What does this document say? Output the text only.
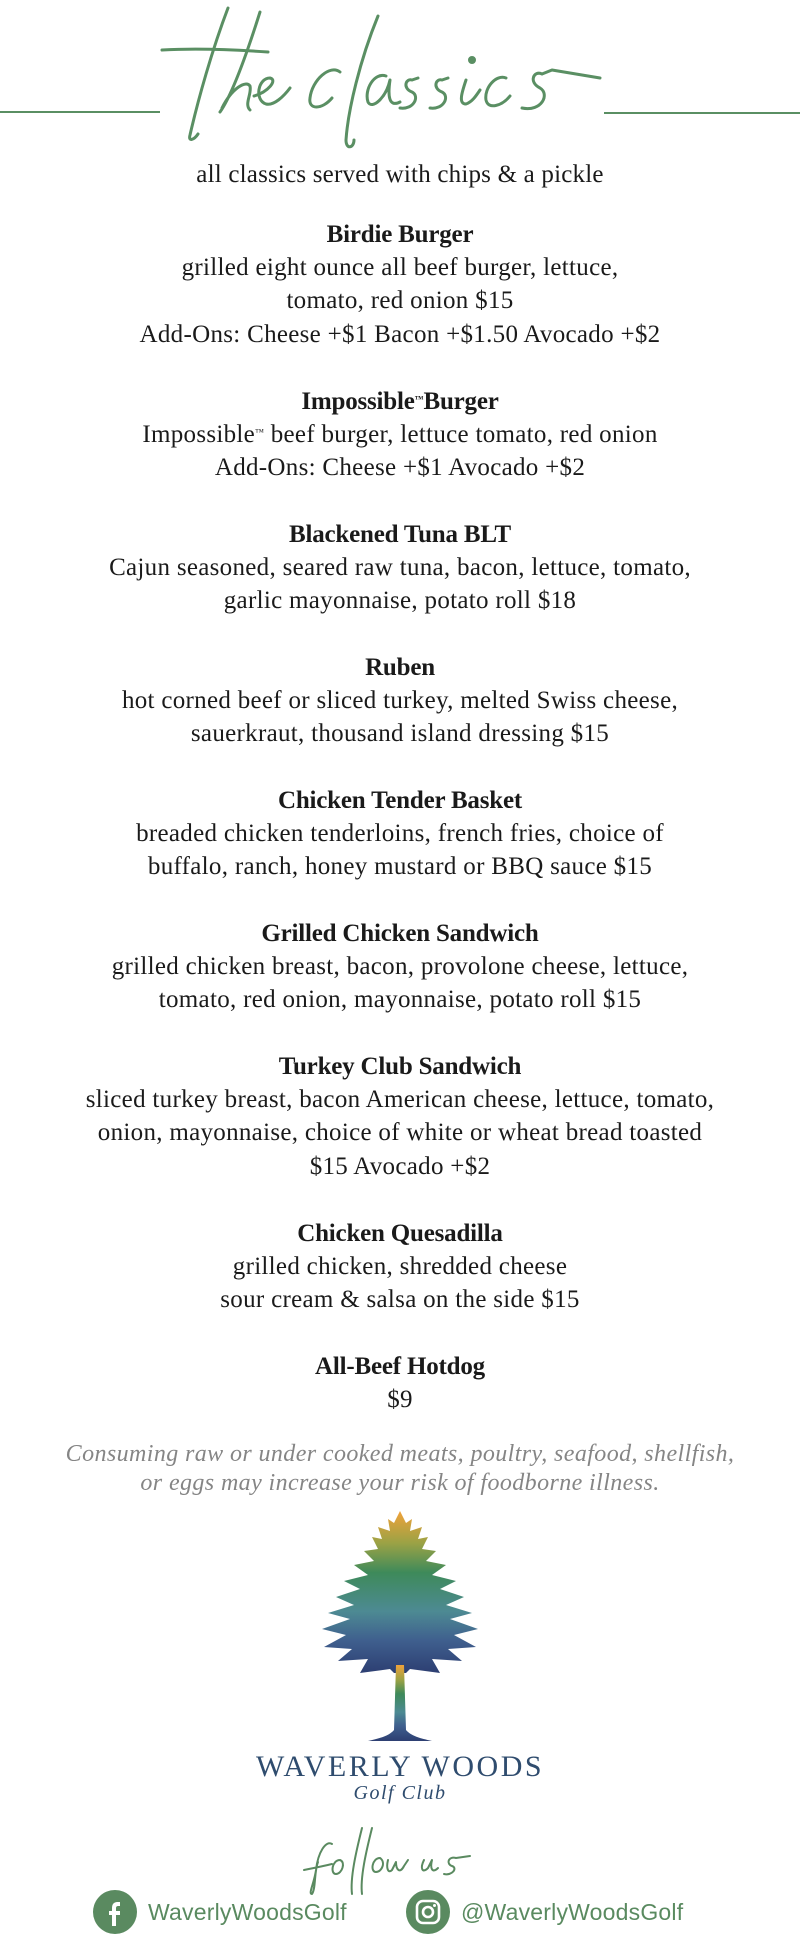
all classics served with chips & a pickle
Birdie Burger
grilled eight ounce all beef burger, lettuce,
tomato, red onion $15
Add-Ons: Cheese +$1 Bacon +$1.50 Avocado +$2
Impossible™Burger
Impossible™ beef burger, lettuce tomato, red onion
Add-Ons: Cheese +$1 Avocado +$2
Blackened Tuna BLT
Cajun seasoned, seared raw tuna, bacon, lettuce, tomato,
garlic mayonnaise, potato roll $18
Ruben
hot corned beef or sliced turkey, melted Swiss cheese,
sauerkraut, thousand island dressing $15
Chicken Tender Basket
breaded chicken tenderloins, french fries, choice of
buffalo, ranch, honey mustard or BBQ sauce $15
Grilled Chicken Sandwich
grilled chicken breast, bacon, provolone cheese, lettuce,
tomato, red onion, mayonnaise, potato roll $15
Turkey Club Sandwich
sliced turkey breast, bacon American cheese, lettuce, tomato,
onion, mayonnaise, choice of white or wheat bread toasted
$15 Avocado +$2
Chicken Quesadilla
grilled chicken, shredded cheese
sour cream & salsa on the side $15
All-Beef Hotdog
$9
Consuming raw or under cooked meats, poultry, seafood, shellfish,
or eggs may increase your risk of foodborne illness.
WAVERLY WOODS
Golf Club
WaverlyWoodsGolf	@WaverlyWoodsGolf
